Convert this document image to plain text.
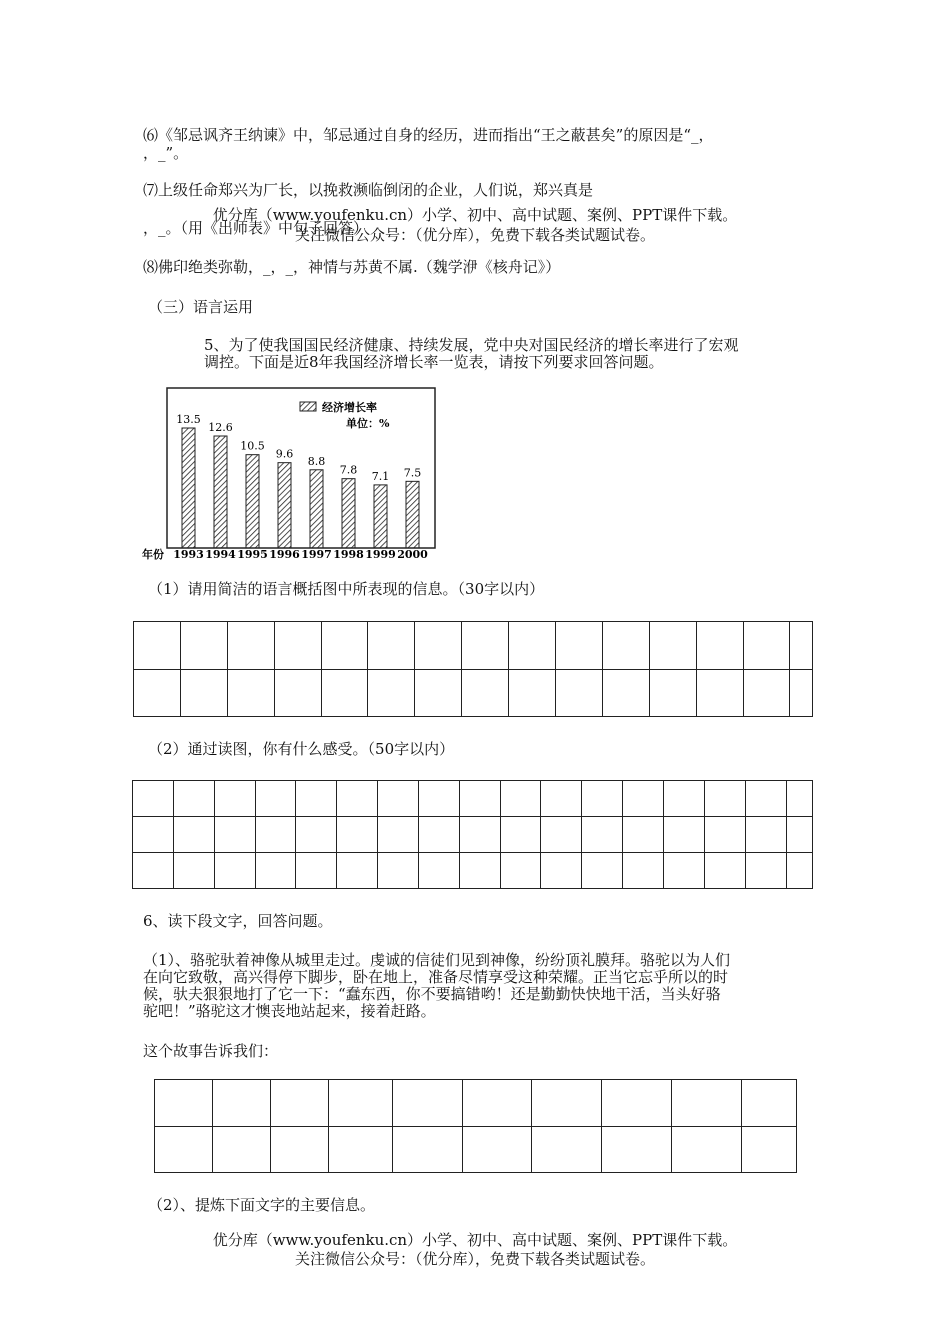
优分库（www.youfenku.cn）小学、初中、高中试题、案例、PPT课件下载。
关注微信公众号：（优分库），免费下载各类试题试卷。
⑹《邹忌讽齐王纳谏》中，邹忌通过自身的经历，进而指出“王之蔽甚矣”的原因是“_，
，_”。
⑺上级任命郑兴为厂长，以挽救濒临倒闭的企业，人们说，郑兴真是
，_。（用《出师表》中句子回答）
⑻佛印绝类弥勒，_，_，神情与苏黄不属.（魏学洢《核舟记》）
（三）语言运用
5、为了使我国国民经济健康、持续发展，党中央对国民经济的增长率进行了宏观
调控。下面是近8年我国经济增长率一览表，请按下列要求回答问题。
经济增长率
单位：%
年份 1993 1994 1995 1996 1997 1998 1999 2000
13.5
12.6
10.5
9.6
8.8
7.8 7.1 7.5
（1）请用简洁的语言概括图中所表现的信息。（30字以内）

（2）通过读图，你有什么感受。（50字以内）

6、读下段文字，回答问题。
（1）、骆驼驮着神像从城里走过。虔诚的信徒们见到神像，纷纷顶礼膜拜。骆驼以为人们
在向它致敬，高兴得停下脚步，卧在地上，准备尽情享受这种荣耀。正当它忘乎所以的时
候，驮夫狠狠地打了它一下：“蠢东西，你不要搞错哟！还是勤勤快快地干活，当头好骆
驼吧！”骆驼这才懊丧地站起来，接着赶路。
这个故事告诉我们：

（2）、提炼下面文字的主要信息。
优分库（www.youfenku.cn）小学、初中、高中试题、案例、PPT课件下载。
关注微信公众号：（优分库），免费下载各类试题试卷。
